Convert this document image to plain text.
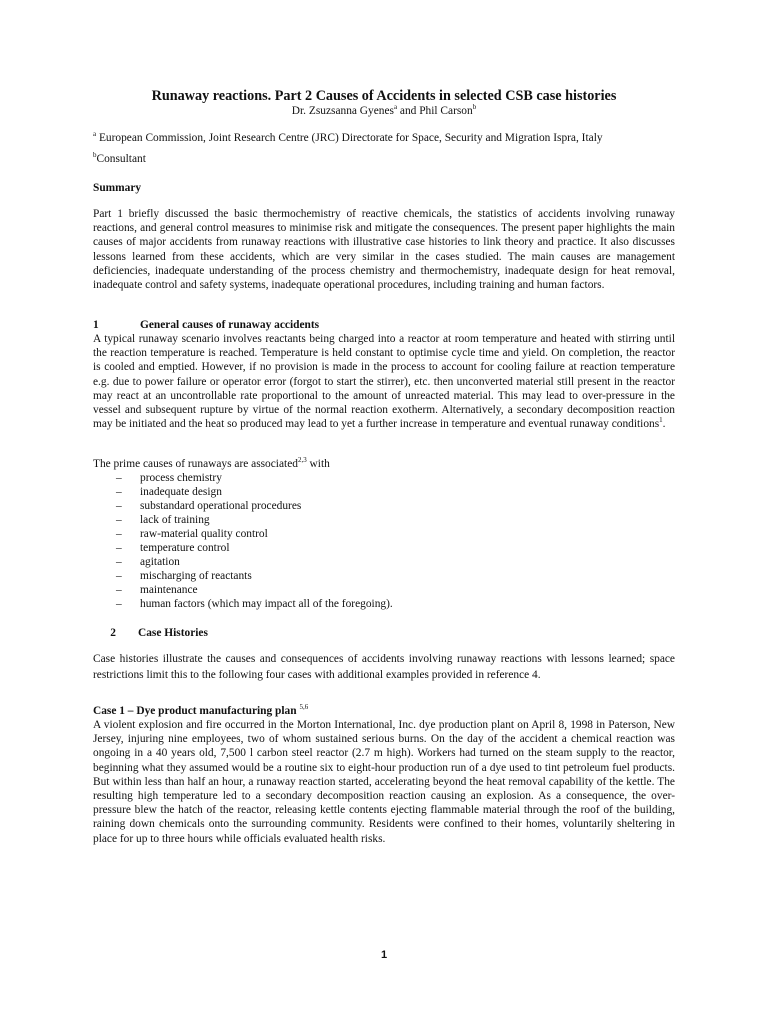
Runaway reactions. Part 2 Causes of Accidents in selected CSB case histories
Dr. Zsuzsanna Gyenes$^a$ and Phil Carson$^b$
$^a$ European Commission, Joint Research Centre (JRC) Directorate for Space, Security and Migration Ispra, Italy
$^b$Consultant
Summary
Part 1 briefly discussed the basic thermochemistry of reactive chemicals, the statistics of accidents involving runaway reactions, and general control measures to minimise risk and mitigate the consequences. The present paper highlights the main causes of major accidents from runaway reactions with illustrative case histories to link theory and practice. It also discusses lessons learned from these accidents, which are very similar in the cases studied. The main causes are management deficiencies, inadequate understanding of the process chemistry and thermochemistry, inadequate design for heat removal, inadequate control and safety systems, inadequate operational procedures, including training and human factors.
1	General causes of runaway accidents
A typical runaway scenario involves reactants being charged into a reactor at room temperature and heated with stirring until the reaction temperature is reached. Temperature is held constant to optimise cycle time and yield. On completion, the reactor is cooled and emptied. However, if no provision is made in the process to account for cooling failure at reaction temperature e.g. due to power failure or operator error (forgot to start the stirrer), etc. then unconverted material still present in the reactor may react at an uncontrollable rate proportional to the amount of unreacted material. This may lead to over-pressure in the vessel and subsequent rupture by virtue of the normal reaction exotherm. Alternatively, a secondary decomposition reaction may be initiated and the heat so produced may lead to yet a further increase in temperature and eventual runaway conditions$^1$.
The prime causes of runaways are associated$^{2,3}$ with
– process chemistry
– inadequate design
– substandard operational procedures
– lack of training
– raw-material quality control
– temperature control
– agitation
– mischarging of reactants
– maintenance
– human factors (which may impact all of the foregoing).
2 Case Histories
Case histories illustrate the causes and consequences of accidents involving runaway reactions with lessons learned; space restrictions limit this to the following four cases with additional examples provided in reference 4.
Case 1 – Dye product manufacturing plan $^{5,6}$
A violent explosion and fire occurred in the Morton International, Inc. dye production plant on April 8, 1998 in Paterson, New Jersey, injuring nine employees, two of whom sustained serious burns. On the day of the accident a chemical reaction was ongoing in a 40 years old, 7,500 l carbon steel reactor (2.7 m high). Workers had turned on the steam supply to the reactor, beginning what they assumed would be a routine six to eight-hour production run of a dye used to tint petroleum fuel products. But within less than half an hour, a runaway reaction started, accelerating beyond the heat removal capability of the kettle. The resulting high temperature led to a secondary decomposition reaction causing an explosion. As a consequence, the over-pressure blew the hatch of the reactor, releasing kettle contents ejecting flammable material through the roof of the building, raining down chemicals onto the surrounding community. Residents were confined to their homes, voluntarily sheltering in place for up to three hours while officials evaluated health risks.
1
